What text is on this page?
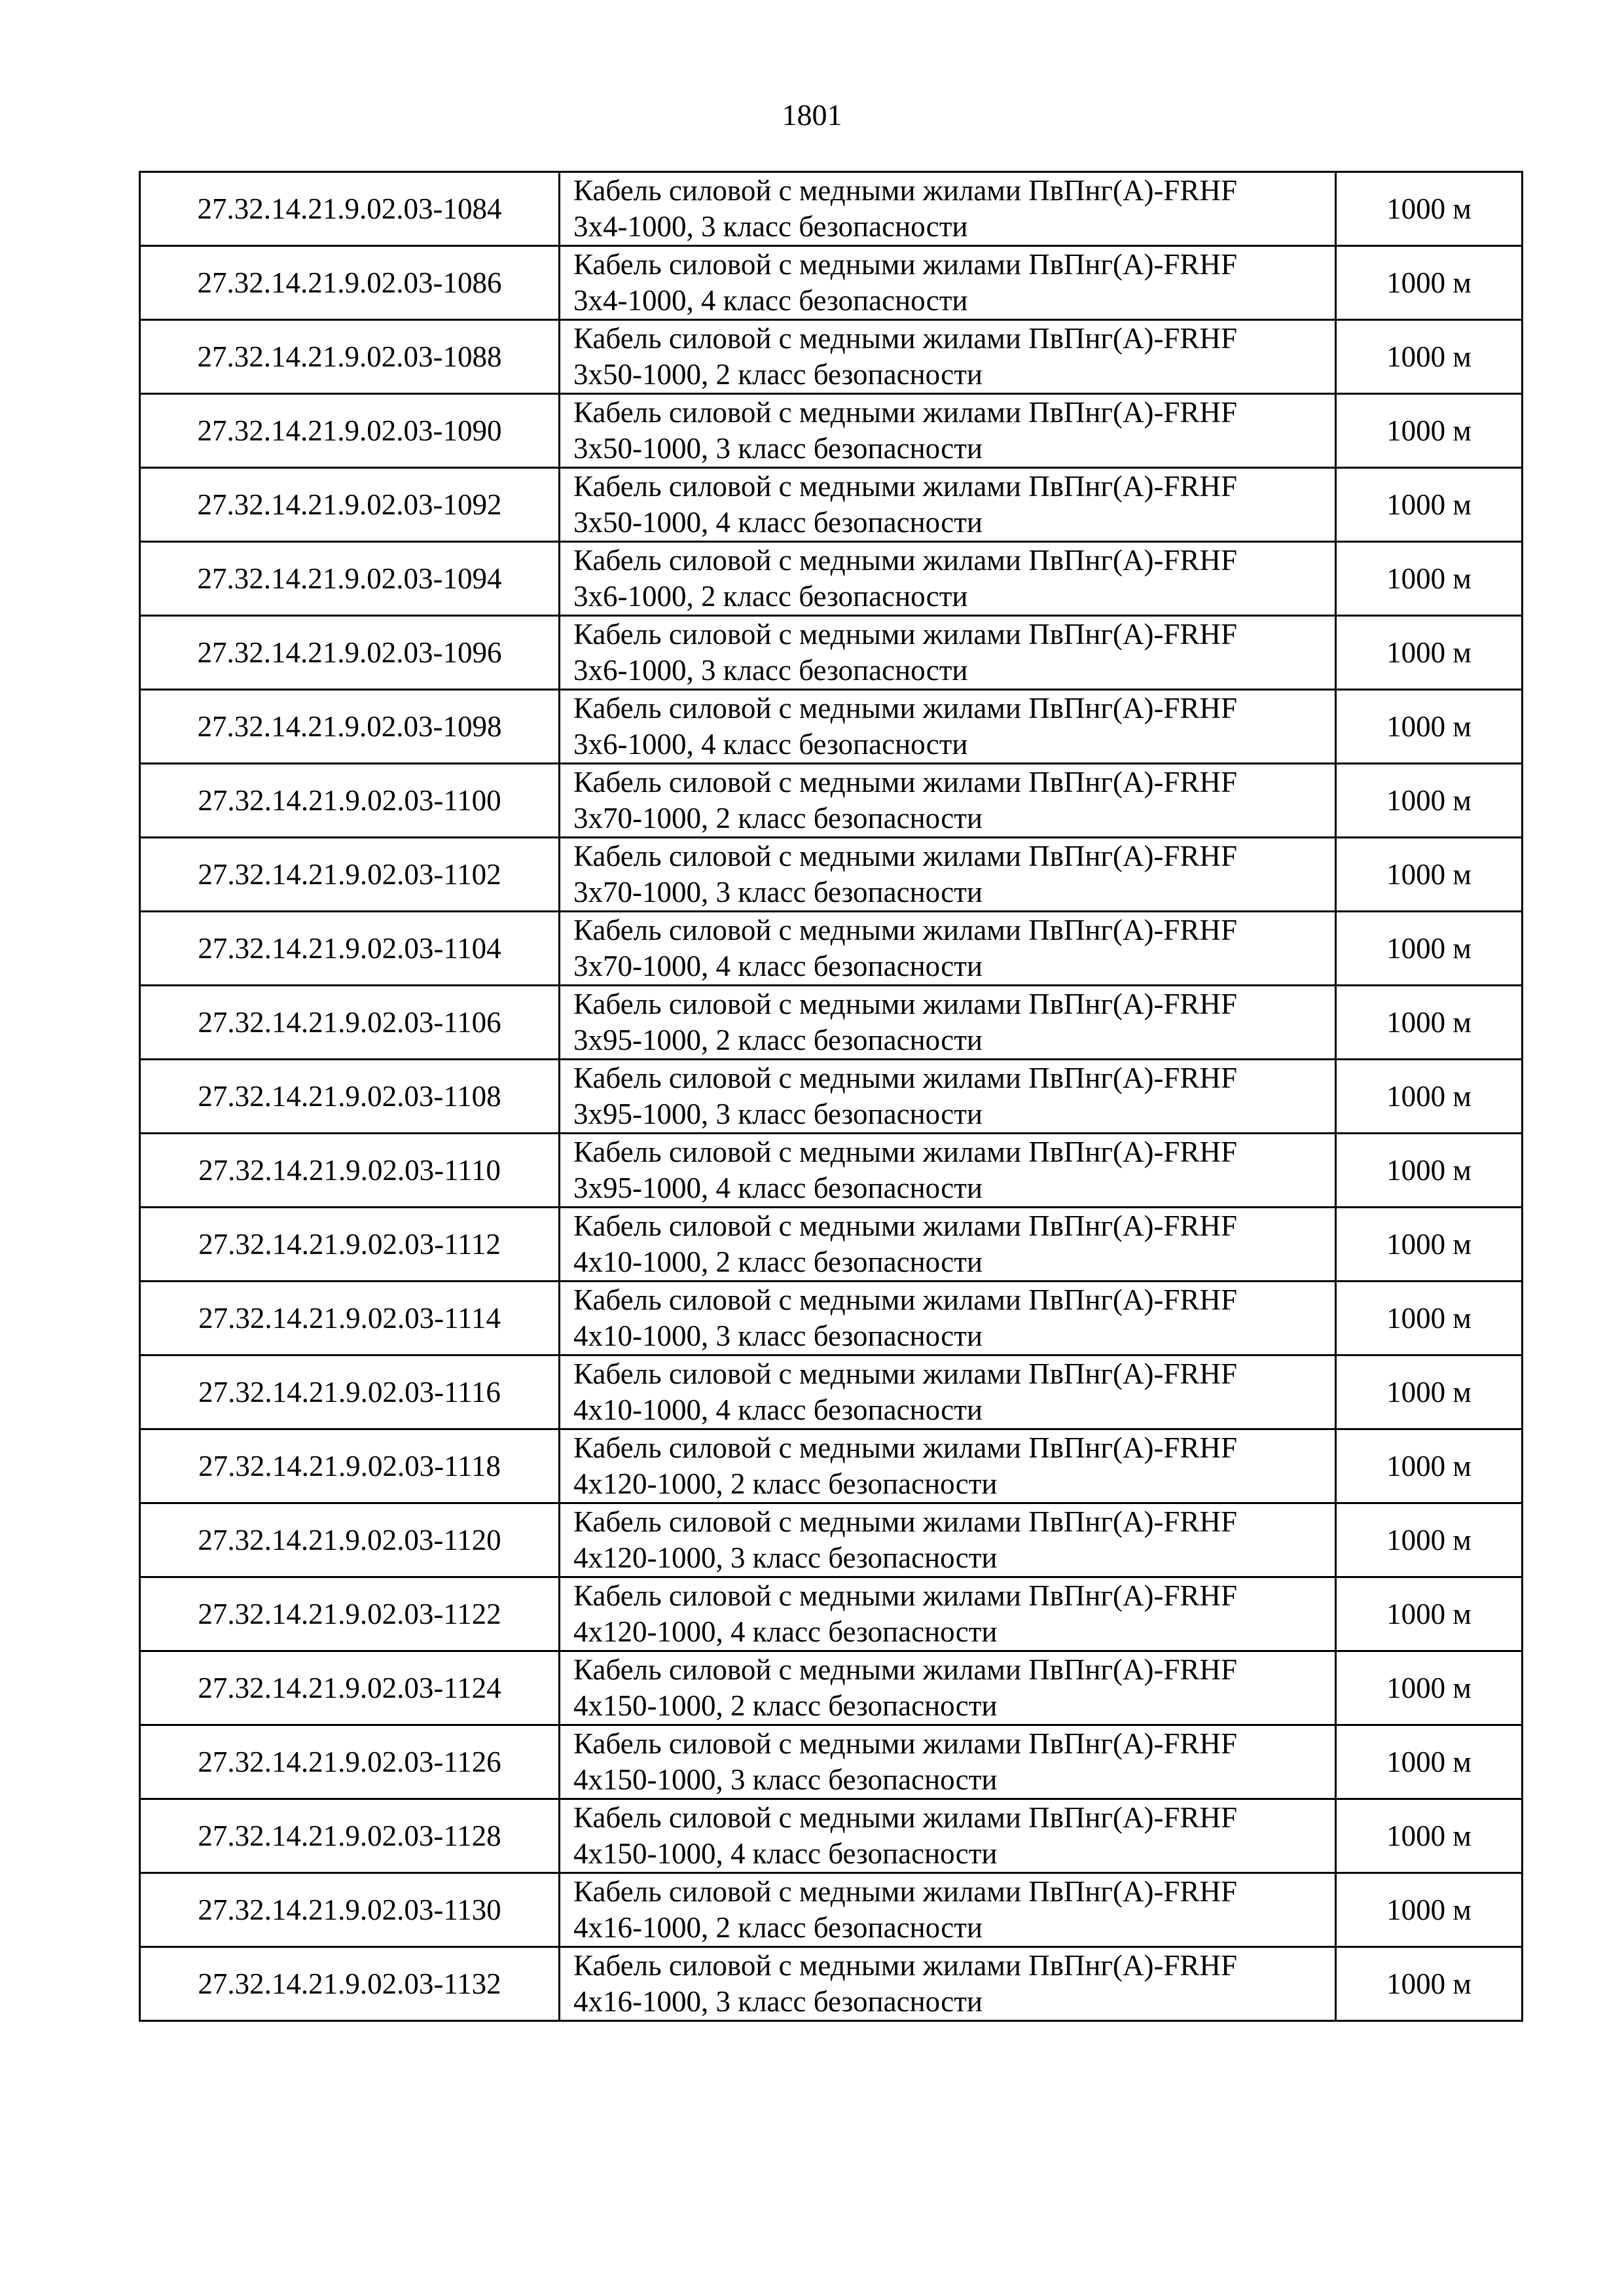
1801
27.32.14.21.9.02.03-1084	Кабель силовой с медными жилами ПвПнг(А)-FRHF
3х4-1000, 3 класс безопасности	1000 м
27.32.14.21.9.02.03-1086	Кабель силовой с медными жилами ПвПнг(А)-FRHF
3х4-1000, 4 класс безопасности	1000 м
27.32.14.21.9.02.03-1088	Кабель силовой с медными жилами ПвПнг(А)-FRHF
3х50-1000, 2 класс безопасности	1000 м
27.32.14.21.9.02.03-1090	Кабель силовой с медными жилами ПвПнг(А)-FRHF
3х50-1000, 3 класс безопасности	1000 м
27.32.14.21.9.02.03-1092	Кабель силовой с медными жилами ПвПнг(А)-FRHF
3х50-1000, 4 класс безопасности	1000 м
27.32.14.21.9.02.03-1094	Кабель силовой с медными жилами ПвПнг(А)-FRHF
3х6-1000, 2 класс безопасности	1000 м
27.32.14.21.9.02.03-1096	Кабель силовой с медными жилами ПвПнг(А)-FRHF
3х6-1000, 3 класс безопасности	1000 м
27.32.14.21.9.02.03-1098	Кабель силовой с медными жилами ПвПнг(А)-FRHF
3х6-1000, 4 класс безопасности	1000 м
27.32.14.21.9.02.03-1100	Кабель силовой с медными жилами ПвПнг(А)-FRHF
3х70-1000, 2 класс безопасности	1000 м
27.32.14.21.9.02.03-1102	Кабель силовой с медными жилами ПвПнг(А)-FRHF
3х70-1000, 3 класс безопасности	1000 м
27.32.14.21.9.02.03-1104	Кабель силовой с медными жилами ПвПнг(А)-FRHF
3х70-1000, 4 класс безопасности	1000 м
27.32.14.21.9.02.03-1106	Кабель силовой с медными жилами ПвПнг(А)-FRHF
3х95-1000, 2 класс безопасности	1000 м
27.32.14.21.9.02.03-1108	Кабель силовой с медными жилами ПвПнг(А)-FRHF
3х95-1000, 3 класс безопасности	1000 м
27.32.14.21.9.02.03-1110	Кабель силовой с медными жилами ПвПнг(А)-FRHF
3х95-1000, 4 класс безопасности	1000 м
27.32.14.21.9.02.03-1112	Кабель силовой с медными жилами ПвПнг(А)-FRHF
4х10-1000, 2 класс безопасности	1000 м
27.32.14.21.9.02.03-1114	Кабель силовой с медными жилами ПвПнг(А)-FRHF
4х10-1000, 3 класс безопасности	1000 м
27.32.14.21.9.02.03-1116	Кабель силовой с медными жилами ПвПнг(А)-FRHF
4х10-1000, 4 класс безопасности	1000 м
27.32.14.21.9.02.03-1118	Кабель силовой с медными жилами ПвПнг(А)-FRHF
4х120-1000, 2 класс безопасности	1000 м
27.32.14.21.9.02.03-1120	Кабель силовой с медными жилами ПвПнг(А)-FRHF
4х120-1000, 3 класс безопасности	1000 м
27.32.14.21.9.02.03-1122	Кабель силовой с медными жилами ПвПнг(А)-FRHF
4х120-1000, 4 класс безопасности	1000 м
27.32.14.21.9.02.03-1124	Кабель силовой с медными жилами ПвПнг(А)-FRHF
4х150-1000, 2 класс безопасности	1000 м
27.32.14.21.9.02.03-1126	Кабель силовой с медными жилами ПвПнг(А)-FRHF
4х150-1000, 3 класс безопасности	1000 м
27.32.14.21.9.02.03-1128	Кабель силовой с медными жилами ПвПнг(А)-FRHF
4х150-1000, 4 класс безопасности	1000 м
27.32.14.21.9.02.03-1130	Кабель силовой с медными жилами ПвПнг(А)-FRHF
4х16-1000, 2 класс безопасности	1000 м
27.32.14.21.9.02.03-1132	Кабель силовой с медными жилами ПвПнг(А)-FRHF
4х16-1000, 3 класс безопасности	1000 м
